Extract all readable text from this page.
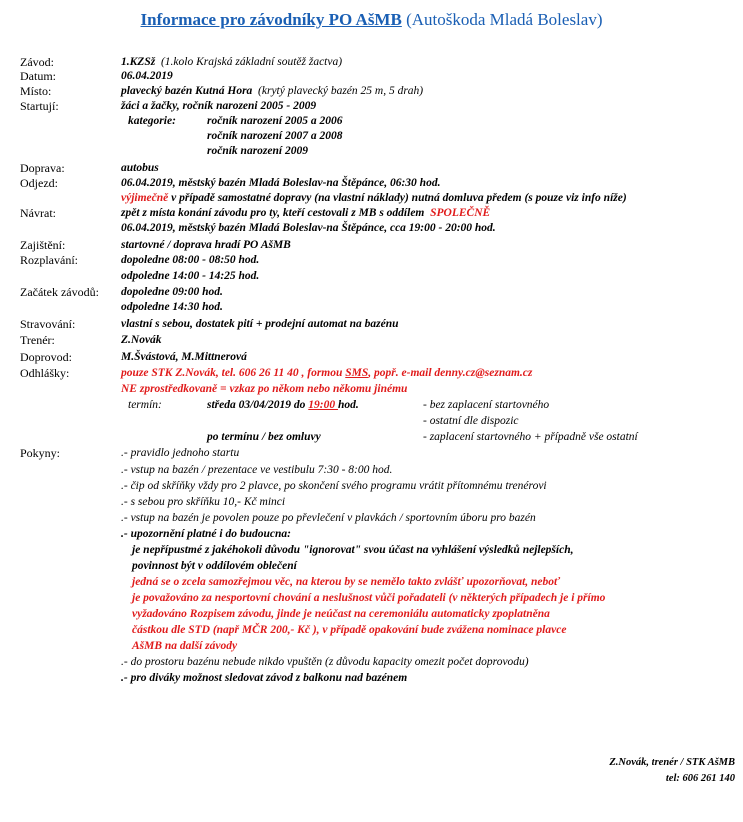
Informace pro závodníky PO AšMB (Autoškoda Mladá Boleslav)
Závod:	1.KZSž (1.kolo Krajská základní soutěž žactva)
Datum:	06.04.2019
Místo:	plavecký bazén Kutná Hora (krytý plavecký bazén 25 m, 5 drah)
Startují:	žáci a žačky, ročník narozeni 2005 - 2009
kategorie:	ročník narození 2005 a 2006
ročník narození 2007 a 2008
ročník narození 2009
Doprava:	autobus
Odjezd:	06.04.2019, městský bazén Mladá Boleslav-na Štěpánce, 06:30 hod.
výjimečně v případě samostatné dopravy (na vlastní náklady) nutná domluva předem (s pouze viz info níže)
Návrat:	zpět z místa konání závodu pro ty, kteří cestovali z MB s oddílem SPOLEČNĚ
06.04.2019, městský bazén Mladá Boleslav-na Štěpánce, cca 19:00 - 20:00 hod.
Zajištění:	startovné / doprava hradí PO AšMB
Rozplavání:	dopoledne 08:00 - 08:50 hod.
odpoledne 14:00 - 14:25 hod.
Začátek závodů: dopoledne 09:00 hod.
odpoledne 14:30 hod.
Stravování:	vlastní s sebou, dostatek pití + prodejní automat na bazénu
Trenér:	Z.Novák
Doprovod:	M.Švástová, M.Mittnerová
Odhlášky:	pouze STK Z.Novák, tel. 606 26 11 40 , formou SMS, popř. e-mail denny.cz@seznam.cz
NE zprostředkovaně = vzkaz po někom nebo někomu jinému
termín:	středa 03/04/2019 do 19:00 hod.	- bez zaplacení startovného
- ostatní dle dispozic
po termínu / bez omluvy	- zaplacení startovného + případně vše ostatní
Pokyny:	.- pravidlo jednoho startu
.- vstup na bazén / prezentace ve vestibulu 7:30 - 8:00 hod.
.- čip od skříňky vždy pro 2 plavce, po skončení svého programu vrátit přítomnému trenérovi
.- s sebou pro skříňku 10,- Kč minci
.- vstup na bazén je povolen pouze po převlečení v plavkách / sportovním úboru pro bazén
.- upozornění platné i do budoucna:
je nepřípustmé z jakéhokoli důvodu "ignorovat" svou účast na vyhlášení výsledků nejlepších,
povinnost být v oddílovém oblečení
jedná se o zcela samozřejmou věc, na kterou by se nemělo takto zvlášť upozorňovat, neboť
je považováno za nesportovní chování a neslušnost vůči pořadateli (v některých případech je i přímo
vyžadováno Rozpisem závodu, jinde je neúčast na ceremoniálu automaticky zpoplatněna
částkou dle STD (např MČR 200,- Kč ), v případě opakování bude zvážena nominace plavce
AšMB na další závody
.- do prostoru bazénu nebude nikdo vpuštěn (z důvodu kapacity omezit počet doprovodu)
.- pro diváky možnost sledovat závod z balkonu nad bazénem
Z.Novák, trenér / STK AšMB
tel: 606 261 140
